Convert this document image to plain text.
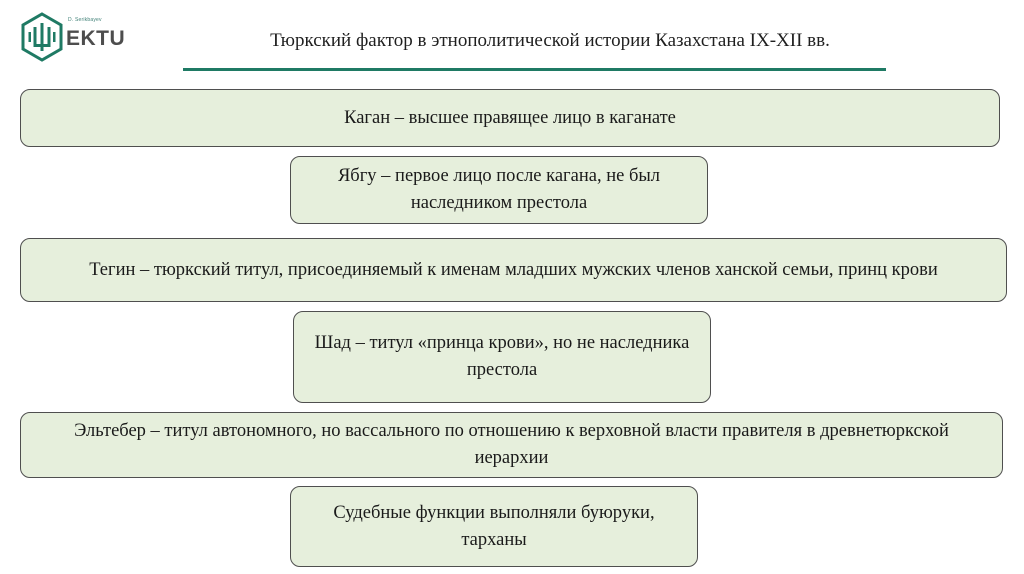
D. Serikbayev
EKTU	Тюркский фактор в этнополитической истории Казахстана IX-XII вв.
Каган – высшее правящее лицо в каганате
Ябгу – первое лицо после кагана, не был наследником престола
Тегин – тюркский титул, присоединяемый к именам младших мужских членов ханской семьи, принц крови
Шад – титул «принца крови», но не наследника престола
Эльтебер – титул автономного, но вассального по отношению к верховной власти правителя в древнетюркской иерархии
Судебные функции выполняли буюруки, тарханы
